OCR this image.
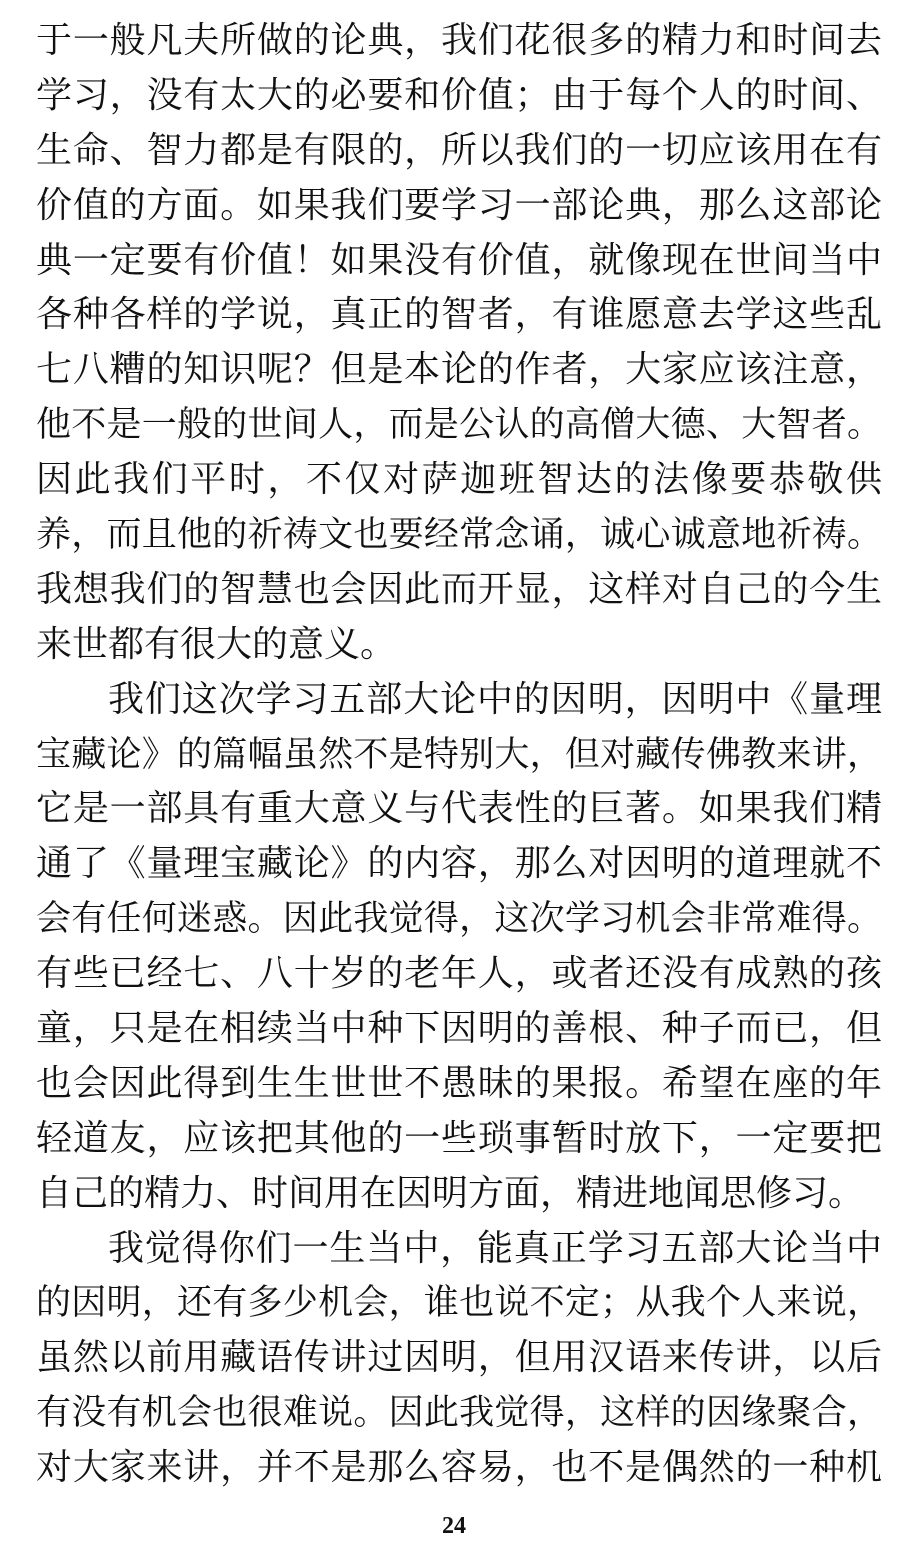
于一般凡夫所做的论典，我们花很多的精力和时间去
学习，没有太大的必要和价值；由于每个人的时间、
生命、智力都是有限的，所以我们的一切应该用在有
价值的方面。如果我们要学习一部论典，那么这部论
典一定要有价值！如果没有价值，就像现在世间当中
各种各样的学说，真正的智者，有谁愿意去学这些乱
七八糟的知识呢？但是本论的作者，大家应该注意，
他不是一般的世间人，而是公认的高僧大德、大智者。
因此我们平时，不仅对萨迦班智达的法像要恭敬供
养，而且他的祈祷文也要经常念诵，诚心诚意地祈祷。
我想我们的智慧也会因此而开显，这样对自己的今生
来世都有很大的意义。
我们这次学习五部大论中的因明，因明中《量理
宝藏论》的篇幅虽然不是特别大，但对藏传佛教来讲，
它是一部具有重大意义与代表性的巨著。如果我们精
通了《量理宝藏论》的内容，那么对因明的道理就不
会有任何迷惑。因此我觉得，这次学习机会非常难得。
有些已经七、八十岁的老年人，或者还没有成熟的孩
童，只是在相续当中种下因明的善根、种子而已，但
也会因此得到生生世世不愚昧的果报。希望在座的年
轻道友，应该把其他的一些琐事暂时放下，一定要把
自己的精力、时间用在因明方面，精进地闻思修习。
我觉得你们一生当中，能真正学习五部大论当中
的因明，还有多少机会，谁也说不定；从我个人来说，
虽然以前用藏语传讲过因明，但用汉语来传讲，以后
有没有机会也很难说。因此我觉得，这样的因缘聚合，
对大家来讲，并不是那么容易，也不是偶然的一种机
24
